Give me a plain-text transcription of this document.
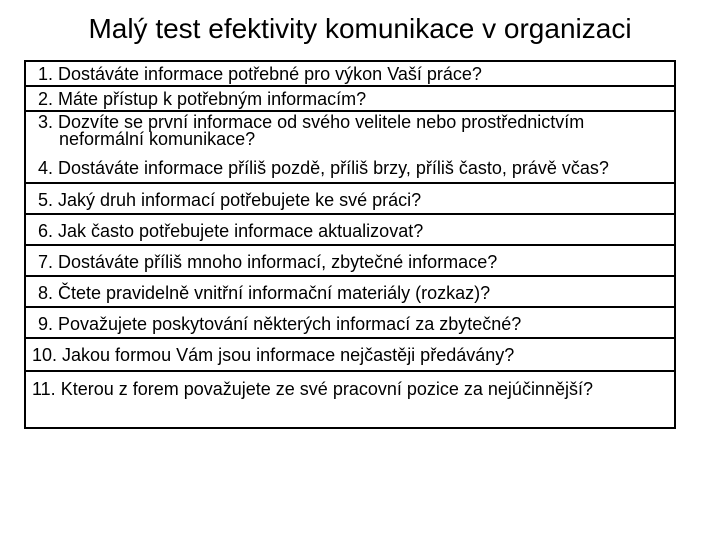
Malý test efektivity komunikace v organizaci
1. Dostáváte informace potřebné pro výkon Vaší práce?
2. Máte přístup k potřebným informacím?
3. Dozvíte se první informace od svého velitele nebo prostřednictvím
neformální komunikace?
4. Dostáváte informace příliš pozdě, příliš brzy, příliš často, právě včas?
5. Jaký druh informací potřebujete ke své práci?
6. Jak často potřebujete informace aktualizovat?
7. Dostáváte příliš mnoho informací, zbytečné informace?
8. Čtete pravidelně vnitřní informační materiály (rozkaz)?
9. Považujete poskytování některých informací za zbytečné?
10. Jakou formou Vám jsou informace nejčastěji předávány?
11. Kterou z forem považujete ze své pracovní pozice za nejúčinnější?
